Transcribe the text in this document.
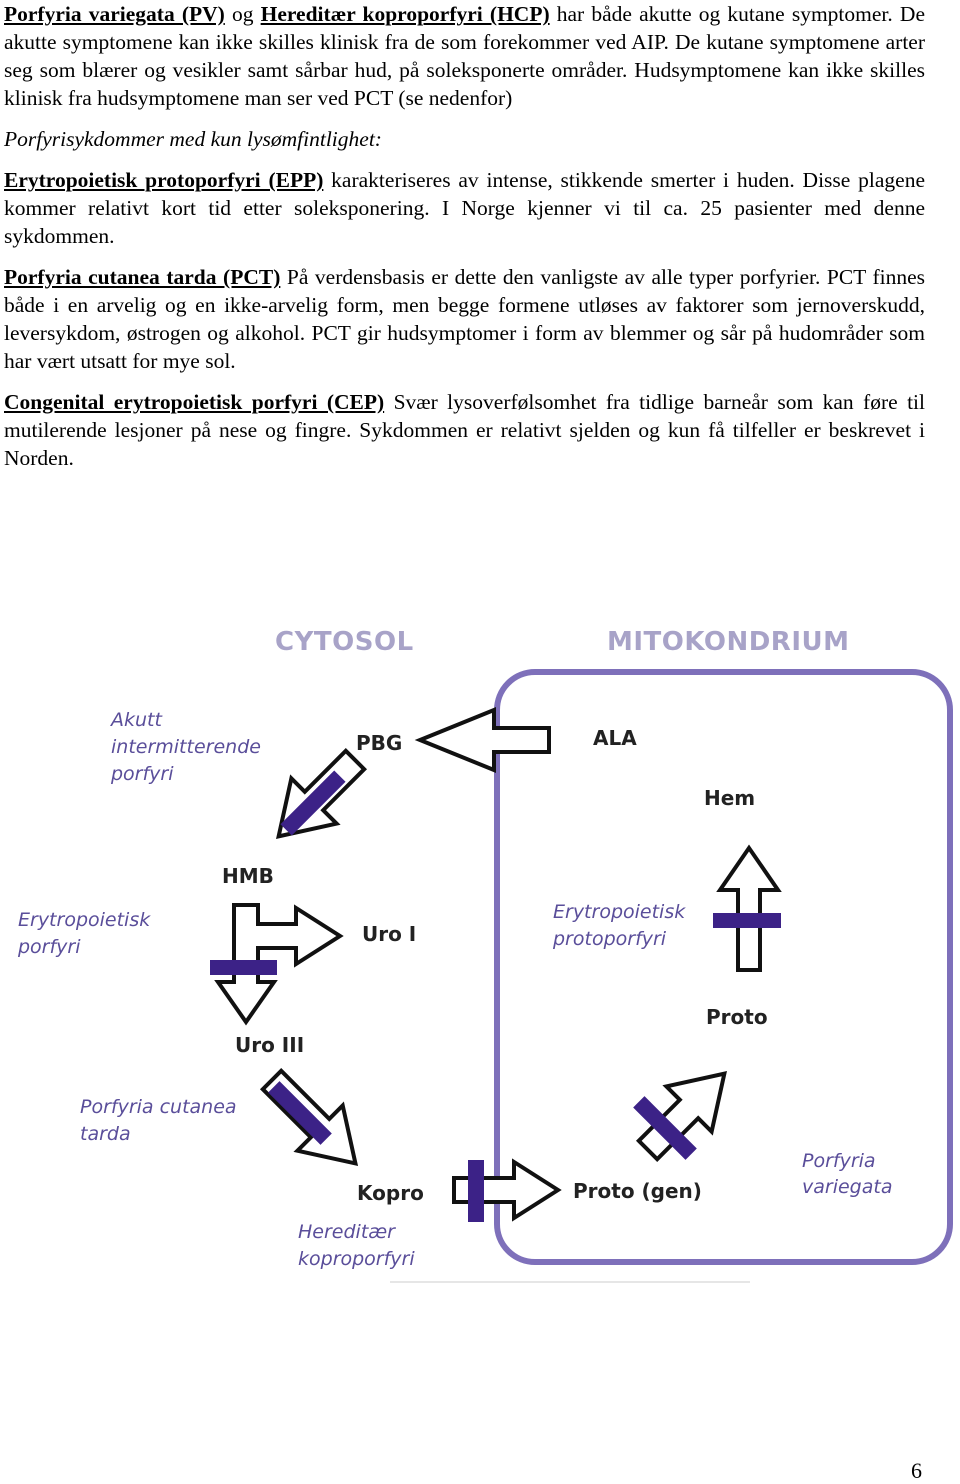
Porfyria variegata (PV) og Hereditær koproporfyri (HCP) har både akutte og kutane symptomer. De akutte symptomene kan ikke skilles klinisk fra de som forekommer ved AIP. De kutane symptomene arter seg som blærer og vesikler samt sårbar hud, på soleksponerte områder. Hudsymptomene kan ikke skilles klinisk fra hudsymptomene man ser ved PCT (se nedenfor)

Porfyrisykdommer med kun lysømfintlighet:

Erytropoietisk protoporfyri (EPP) karakteriseres av intense, stikkende smerter i huden. Disse plagene kommer relativt kort tid etter soleksponering. I Norge kjenner vi til ca. 25 pasienter med denne sykdommen.

Porfyria cutanea tarda (PCT) På verdensbasis er dette den vanligste av alle typer porfyrier. PCT finnes både i en arvelig og en ikke-arvelig form, men begge formene utløses av faktorer som jernoverskudd, leversykdom, østrogen og alkohol. PCT gir hudsymptomer i form av blemmer og sår på hudområder som har vært utsatt for mye sol.

Congenital erytropoietisk porfyri (CEP) Svær lysoverfølsomhet fra tidlige barneår som kan føre til mutilerende lesjoner på nese og fingre. Sykdommen er relativt sjelden og kun få tilfeller er beskrevet i Norden.

CYTOSOL	MITOKONDRIUM
PBG	ALA
Hem
HMB
Uro I
Uro III
Proto
Kopro	Proto (gen)
Akutt intermitterende porfyri
Erytropoietisk porfyri
Erytropoietisk protoporfyri
Porfyria cutanea tarda
Hereditær koproporfyri
Porfyria variegata
6
